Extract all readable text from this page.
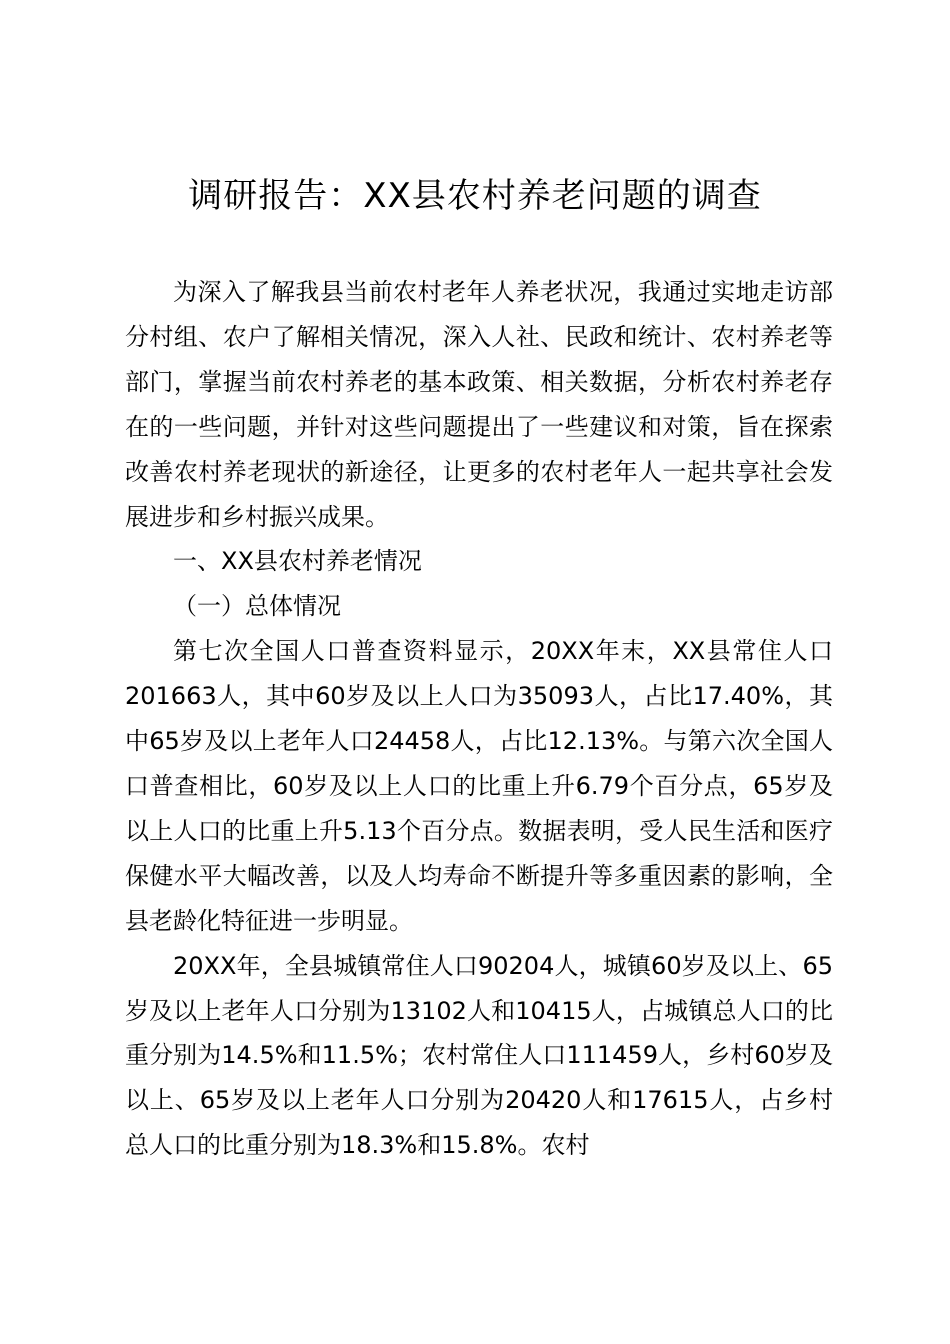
调研报告：XX县农村养老问题的调查

为深入了解我县当前农村老年人养老状况，我通过实地走访部分村组、农户了解相关情况，深入人社、民政和统计、农村养老等部门，掌握当前农村养老的基本政策、相关数据，分析农村养老存在的一些问题，并针对这些问题提出了一些建议和对策，旨在探索改善农村养老现状的新途径，让更多的农村老年人一起共享社会发展进步和乡村振兴成果。

一、XX县农村养老情况

（一）总体情况

第七次全国人口普查资料显示，20XX年末，XX县常住人口201663人，其中60岁及以上人口为35093人，占比17.40%，其中65岁及以上老年人口24458人，占比12.13%。与第六次全国人口普查相比，60岁及以上人口的比重上升6.79个百分点，65岁及以上人口的比重上升5.13个百分点。数据表明，受人民生活和医疗保健水平大幅改善，以及人均寿命不断提升等多重因素的影响，全县老龄化特征进一步明显。

20XX年，全县城镇常住人口90204人，城镇60岁及以上、65岁及以上老年人口分别为13102人和10415人，占城镇总人口的比重分别为14.5%和11.5%；农村常住人口111459人，乡村60岁及以上、65岁及以上老年人口分别为20420人和17615人，占乡村总人口的比重分别为18.3%和15.8%。农村
